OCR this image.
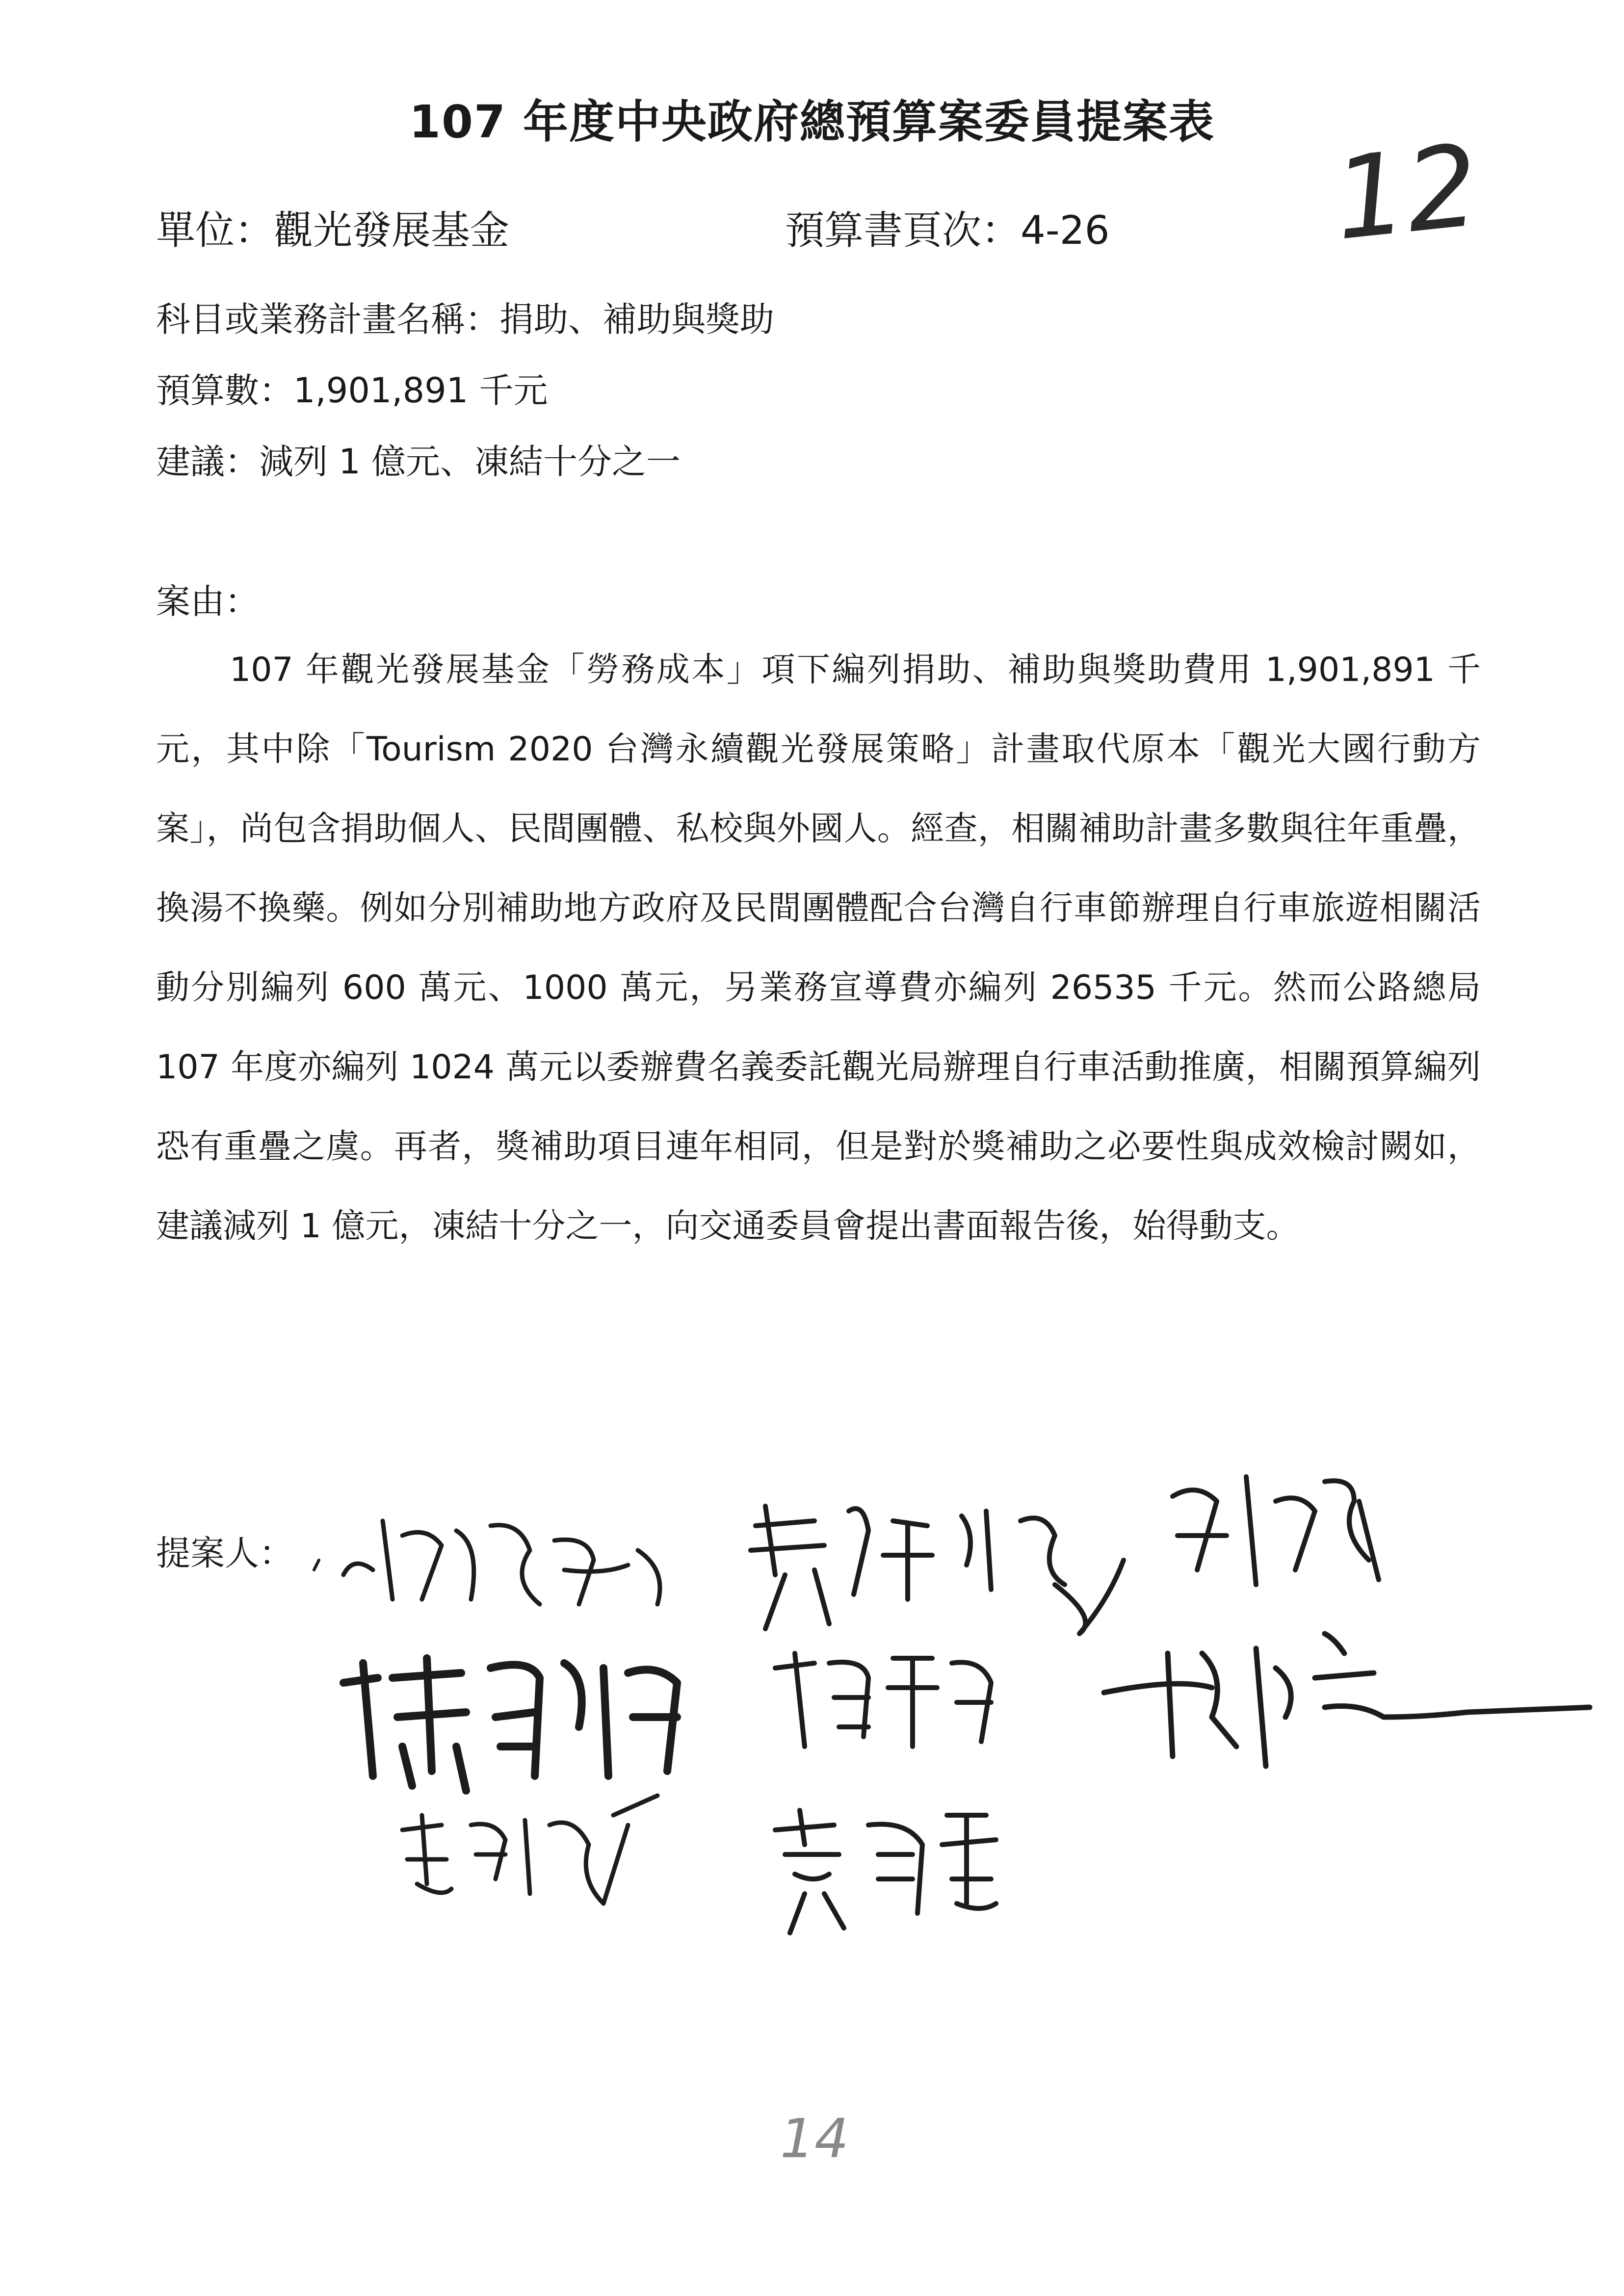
107 年度中央政府總預算案委員提案表	12
單位：觀光發展基金	預算書頁次：4-26
科目或業務計畫名稱：捐助、補助與獎助
預算數：1,901,891 千元
建議：減列 1 億元、凍結十分之一
案由：
107 年觀光發展基金「勞務成本」項下編列捐助、補助與獎助費用 1,901,891 千元，其中除「Tourism 2020 台灣永續觀光發展策略」計畫取代原本「觀光大國行動方案」，尚包含捐助個人、民間團體、私校與外國人。經查，相關補助計畫多數與往年重疊，換湯不換藥。例如分別補助地方政府及民間團體配合台灣自行車節辦理自行車旅遊相關活動分別編列 600 萬元、1000 萬元，另業務宣導費亦編列 26535 千元。然而公路總局 107 年度亦編列 1024 萬元以委辦費名義委託觀光局辦理自行車活動推廣，相關預算編列恐有重疊之虞。再者，獎補助項目連年相同，但是對於獎補助之必要性與成效檢討闕如，建議減列 1 億元，凍結十分之一，向交通委員會提出書面報告後，始得動支。
提案人：
14
